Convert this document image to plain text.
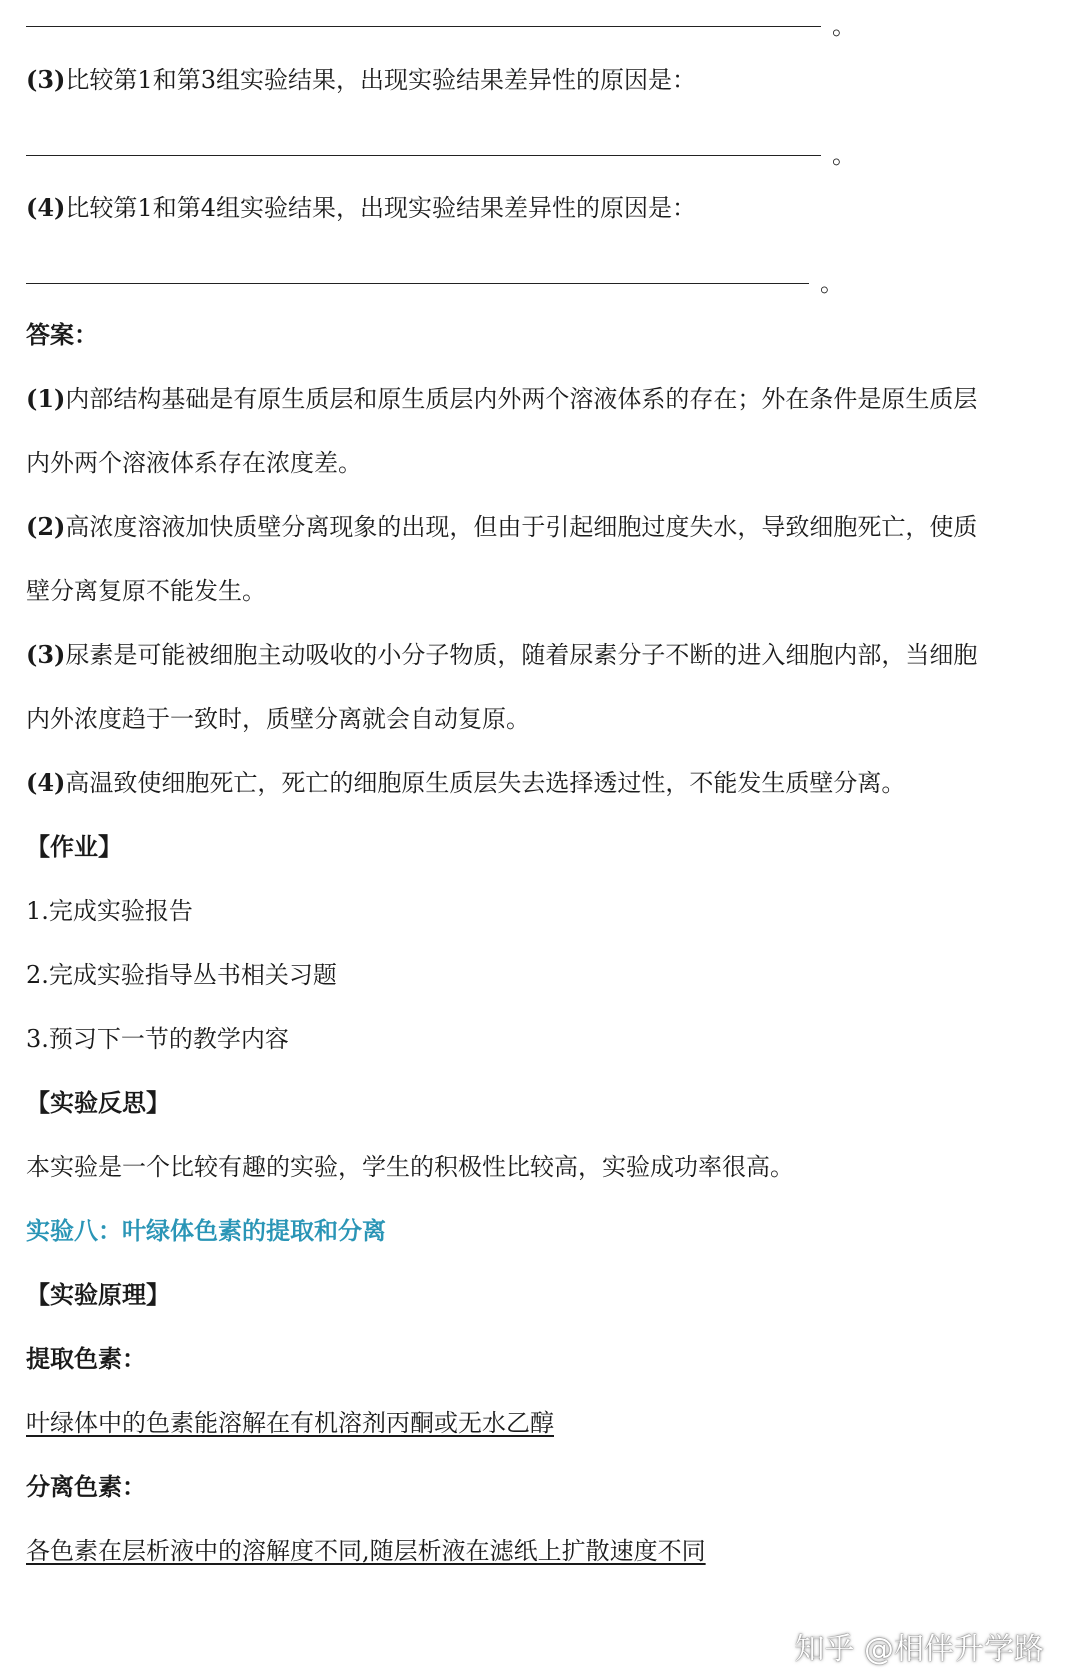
。
(3)比较第1和第3组实验结果，出现实验结果差异性的原因是：
。
(4)比较第1和第4组实验结果，出现实验结果差异性的原因是：
。
答案：
(1)内部结构基础是有原生质层和原生质层内外两个溶液体系的存在；外在条件是原生质层
内外两个溶液体系存在浓度差。
(2)高浓度溶液加快质壁分离现象的出现，但由于引起细胞过度失水，导致细胞死亡，使质
壁分离复原不能发生。
(3)尿素是可能被细胞主动吸收的小分子物质，随着尿素分子不断的进入细胞内部，当细胞
内外浓度趋于一致时，质壁分离就会自动复原。
(4)高温致使细胞死亡，死亡的细胞原生质层失去选择透过性，不能发生质壁分离。
【作业】
1.完成实验报告
2.完成实验指导丛书相关习题
3.预习下一节的教学内容
【实验反思】
本实验是一个比较有趣的实验，学生的积极性比较高，实验成功率很高。
实验八：叶绿体色素的提取和分离
【实验原理】
提取色素：
叶绿体中的色素能溶解在有机溶剂丙酮或无水乙醇
分离色素：
各色素在层析液中的溶解度不同,随层析液在滤纸上扩散速度不同
知乎 @相伴升学路
